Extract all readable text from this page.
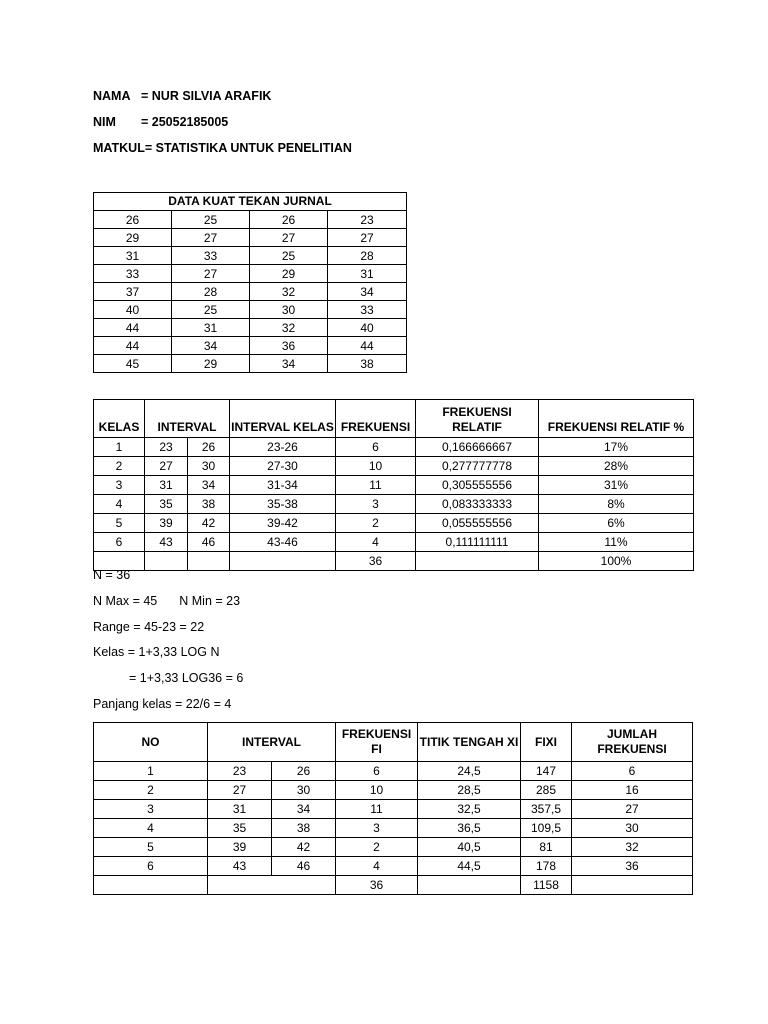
NAMA = NUR SILVIA ARAFIK
NIM = 25052185005
MATKUL= STATISTIKA UNTUK PENELITIAN
DATA KUAT TEKAN JURNAL			
26	25	26	23
29	27	27	27
31	33	25	28
33	27	29	31
37	28	32	34
40	25	30	33
44	31	32	40
44	34	36	44
45	29	34	38
KELAS	INTERVAL		INTERVAL KELAS	FREKUENSI	FREKUENSI RELATIF	FREKUENSI RELATIF %
1	23	26	23-26	6	0,166666667	17%
2	27	30	27-30	10	0,277777778	28%
3	31	34	31-34	11	0,305555556	31%
4	35	38	35-38	3	0,083333333	8%
5	39	42	39-42	2	0,055555556	6%
6	43	46	43-46	4	0,111111111	11%
				36		100%
N = 36
N Max = 45 N Min = 23
Range = 45-23 = 22
Kelas = 1+3,33 LOG N
= 1+3,33 LOG36 = 6
Panjang kelas = 22/6 = 4
NO	INTERVAL		FREKUENSI FI	TITIK TENGAH XI	FIXI	JUMLAH FREKUENSI
1	23	26	6	24,5	147	6
2	27	30	10	28,5	285	16
3	31	34	11	32,5	357,5	27
4	35	38	3	36,5	109,5	30
5	39	42	2	40,5	81	32
6	43	46	4	44,5	178	36
			36		1158	
